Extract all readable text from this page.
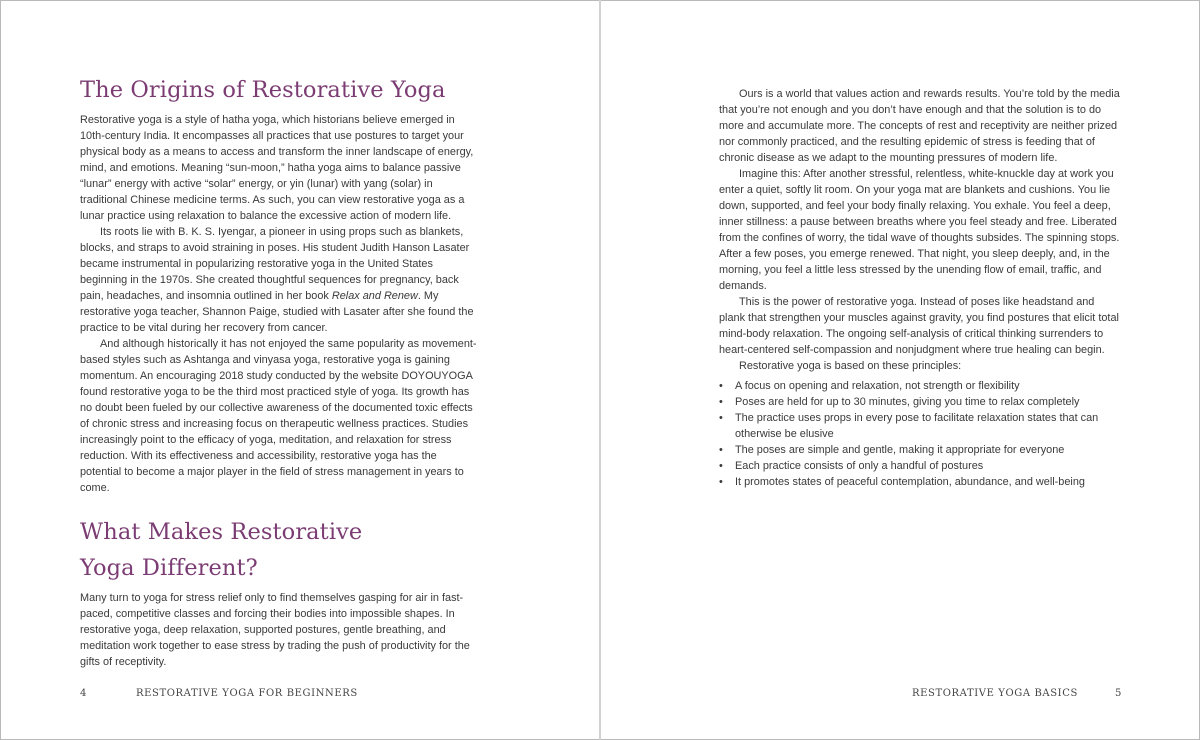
The Origins of Restorative Yoga

Restorative yoga is a style of hatha yoga, which historians believe emerged in 10th-century India. It encompasses all practices that use postures to target your physical body as a means to access and transform the inner landscape of energy, mind, and emotions. Meaning “sun-moon,” hatha yoga aims to balance passive “lunar” energy with active “solar” energy, or yin (lunar) with yang (solar) in traditional Chinese medicine terms. As such, you can view restorative yoga as a lunar practice using relaxation to balance the excessive action of modern life.

Its roots lie with B. K. S. Iyengar, a pioneer in using props such as blankets, blocks, and straps to avoid straining in poses. His student Judith Hanson Lasater became instrumental in popularizing restorative yoga in the United States beginning in the 1970s. She created thoughtful sequences for pregnancy, back pain, headaches, and insomnia outlined in her book Relax and Renew. My restorative yoga teacher, Shannon Paige, studied with Lasater after she found the practice to be vital during her recovery from cancer.

And although historically it has not enjoyed the same popularity as movement-based styles such as Ashtanga and vinyasa yoga, restorative yoga is gaining momentum. An encouraging 2018 study conducted by the website DOYOUYOGA found restorative yoga to be the third most practiced style of yoga. Its growth has no doubt been fueled by our collective awareness of the documented toxic effects of chronic stress and increasing focus on therapeutic wellness practices. Studies increasingly point to the efficacy of yoga, meditation, and relaxation for stress reduction. With its effectiveness and accessibility, restorative yoga has the potential to become a major player in the field of stress management in years to come.

What Makes Restorative Yoga Different?

Many turn to yoga for stress relief only to find themselves gasping for air in fast-paced, competitive classes and forcing their bodies into impossible shapes. In restorative yoga, deep relaxation, supported postures, gentle breathing, and meditation work together to ease stress by trading the push of productivity for the gifts of receptivity.

Ours is a world that values action and rewards results. You’re told by the media that you’re not enough and you don’t have enough and that the solution is to do more and accumulate more. The concepts of rest and receptivity are neither prized nor commonly practiced, and the resulting epidemic of stress is feeding that of chronic disease as we adapt to the mounting pressures of modern life.

Imagine this: After another stressful, relentless, white-knuckle day at work you enter a quiet, softly lit room. On your yoga mat are blankets and cushions. You lie down, supported, and feel your body finally relaxing. You exhale. You feel a deep, inner stillness: a pause between breaths where you feel steady and free. Liberated from the confines of worry, the tidal wave of thoughts subsides. The spinning stops. After a few poses, you emerge renewed. That night, you sleep deeply, and, in the morning, you feel a little less stressed by the unending flow of email, traffic, and demands.

This is the power of restorative yoga. Instead of poses like headstand and plank that strengthen your muscles against gravity, you find postures that elicit total mind-body relaxation. The ongoing self-analysis of critical thinking surrenders to heart-centered self-compassion and nonjudgment where true healing can begin.

Restorative yoga is based on these principles:

• A focus on opening and relaxation, not strength or flexibility
• Poses are held for up to 30 minutes, giving you time to relax completely
• The practice uses props in every pose to facilitate relaxation states that can otherwise be elusive
• The poses are simple and gentle, making it appropriate for everyone
• Each practice consists of only a handful of postures
• It promotes states of peaceful contemplation, abundance, and well-being
4	RESTORATIVE YOGA FOR BEGINNERS	RESTORATIVE YOGA BASICS	5
